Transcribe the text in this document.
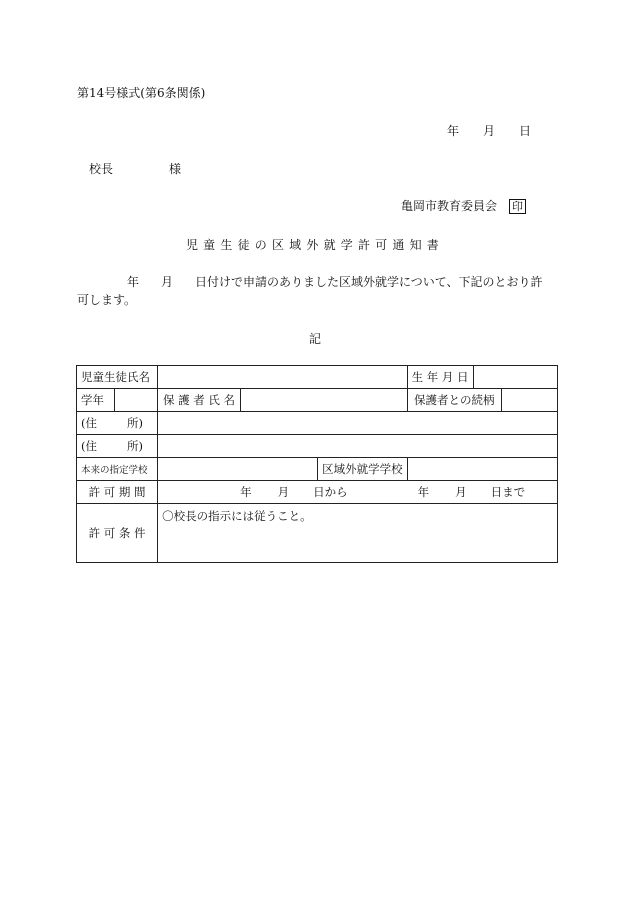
第14号様式(第6条関係)
年 月 日
校長	様
亀岡市教育委員会 印
児童生徒の区域外就学許可通知書
年 月 日付けで申請のありました区域外就学について、下記のとおり許
可します。
記
児童生徒氏名					生 年 月 日		
学年		保 護 者 氏 名			保護者との続柄		
(住 所)							
(住 所)							
本来の指定学校				区域外就学学校			
許 可 期 間		年 月 日から 年 月 日まで					
許 可 条 件		〇校長の指示には従うこと。					
